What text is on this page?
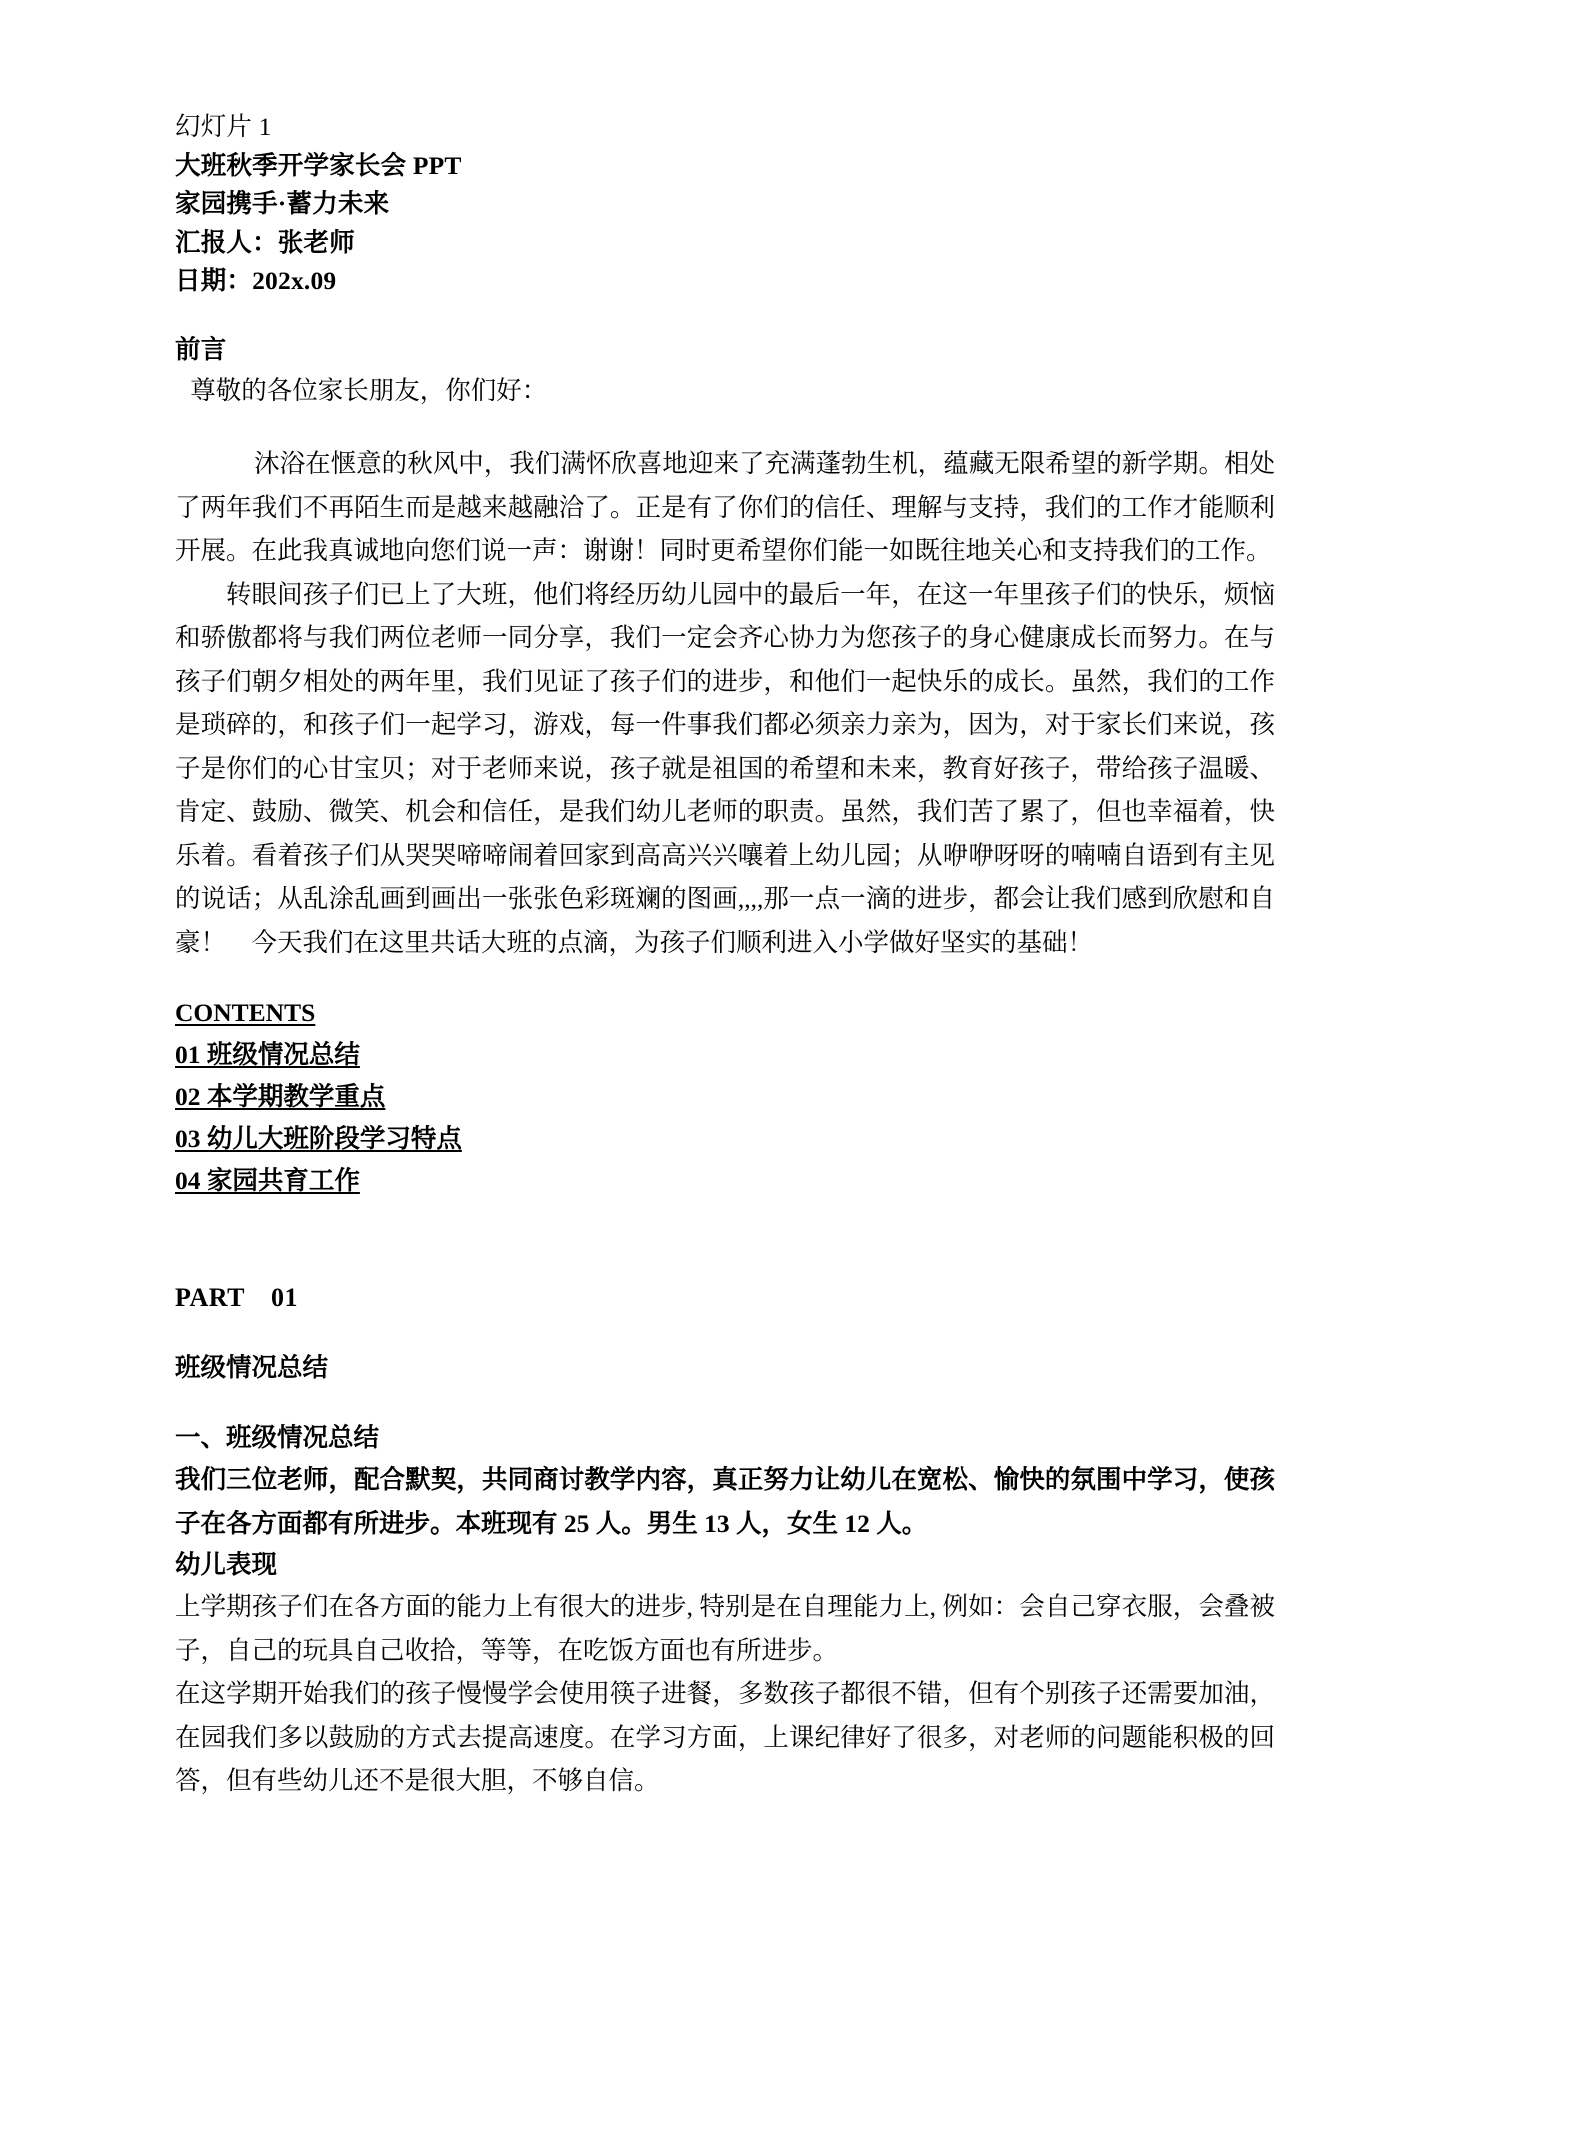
幻灯片 1
大班秋季开学家长会 PPT
家园携手·蓄力未来
汇报人：张老师
日期：202x.09
前言
尊敬的各位家长朋友，你们好：

沐浴在惬意的秋风中，我们满怀欣喜地迎来了充满蓬勃生机，蕴藏无限希望的新学期。相处了两年我们不再陌生而是越来越融洽了。正是有了你们的信任、理解与支持，我们的工作才能顺利开展。在此我真诚地向您们说一声：谢谢！同时更希望你们能一如既往地关心和支持我们的工作。

转眼间孩子们已上了大班，他们将经历幼儿园中的最后一年，在这一年里孩子们的快乐，烦恼和骄傲都将与我们两位老师一同分享，我们一定会齐心协力为您孩子的身心健康成长而努力。在与孩子们朝夕相处的两年里，我们见证了孩子们的进步，和他们一起快乐的成长。虽然，我们的工作是琐碎的，和孩子们一起学习，游戏，每一件事我们都必须亲力亲为，因为，对于家长们来说，孩子是你们的心甘宝贝；对于老师来说，孩子就是祖国的希望和未来，教育好孩子，带给孩子温暖、肯定、鼓励、微笑、机会和信任，是我们幼儿老师的职责。虽然，我们苦了累了，但也幸福着，快乐着。看着孩子们从哭哭啼啼闹着回家到高高兴兴嚷着上幼儿园；从咿咿呀呀的喃喃自语到有主见的说话；从乱涂乱画到画出一张张色彩斑斓的图画,,,,那一点一滴的进步，都会让我们感到欣慰和自豪！　今天我们在这里共话大班的点滴，为孩子们顺利进入小学做好坚实的基础！

CONTENTS
01 班级情况总结
02 本学期教学重点
03 幼儿大班阶段学习特点
04 家园共育工作
PART　01
班级情况总结
一、班级情况总结

我们三位老师，配合默契，共同商讨教学内容，真正努力让幼儿在宽松、愉快的氛围中学习，使孩子在各方面都有所进步。本班现有 25 人。男生 13 人，女生 12 人。

幼儿表现

上学期孩子们在各方面的能力上有很大的进步, 特别是在自理能力上, 例如：会自己穿衣服，会叠被子，自己的玩具自己收拾，等等，在吃饭方面也有所进步。

在这学期开始我们的孩子慢慢学会使用筷子进餐，多数孩子都很不错，但有个别孩子还需要加油，在园我们多以鼓励的方式去提高速度。在学习方面，上课纪律好了很多，对老师的问题能积极的回答，但有些幼儿还不是很大胆，不够自信。
